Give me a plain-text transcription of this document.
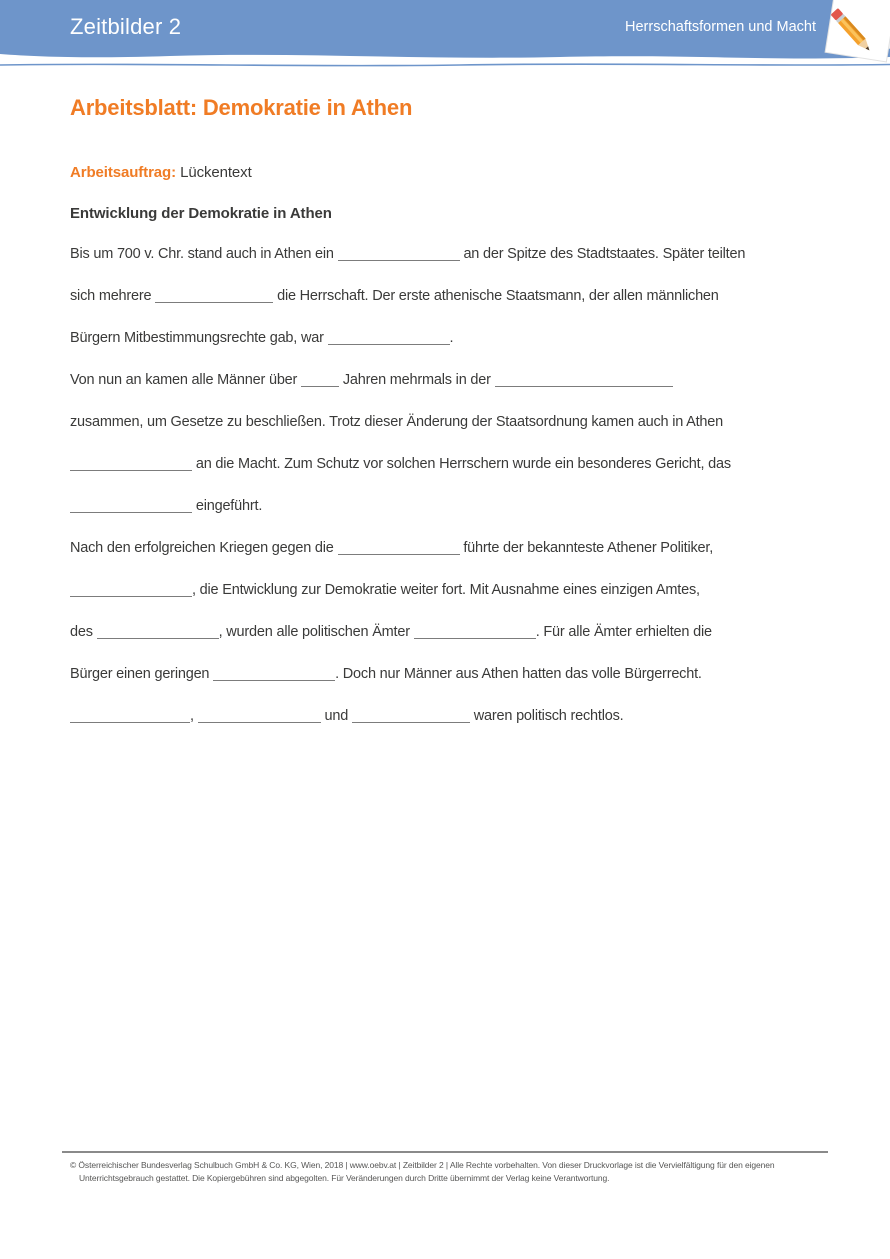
Zeitbilder 2	Herrschaftsformen und Macht
Arbeitsblatt: Demokratie in Athen
Arbeitsauftrag: Lückentext
Entwicklung der Demokratie in Athen
Bis um 700 v. Chr. stand auch in Athen ein	an der Spitze des Stadtstaates. Später teilten
sich mehrere	die Herrschaft. Der erste athenische Staatsmann, der allen männlichen
Bürgern Mitbestimmungsrechte gab, war	.
Von nun an kamen alle Männer über	Jahren mehrmals in der
zusammen, um Gesetze zu beschließen. Trotz dieser Änderung der Staatsordnung kamen auch in Athen
an die Macht. Zum Schutz vor solchen Herrschern wurde ein besonderes Gericht, das
eingeführt.
Nach den erfolgreichen Kriegen gegen die	führte der bekannteste Athener Politiker,
, die Entwicklung zur Demokratie weiter fort. Mit Ausnahme eines einzigen Amtes,
des	, wurden alle politischen Ämter	. Für alle Ämter erhielten die
Bürger einen geringen	. Doch nur Männer aus Athen hatten das volle Bürgerrecht.
,	und	waren politisch rechtlos.
© Österreichischer Bundesverlag Schulbuch GmbH & Co. KG, Wien, 2018 | www.oebv.at | Zeitbilder 2 | Alle Rechte vorbehalten. Von dieser Druckvorlage ist die Vervielfältigung für den eigenen
Unterrichtsgebrauch gestattet. Die Kopiergebühren sind abgegolten. Für Veränderungen durch Dritte übernimmt der Verlag keine Verantwortung.
